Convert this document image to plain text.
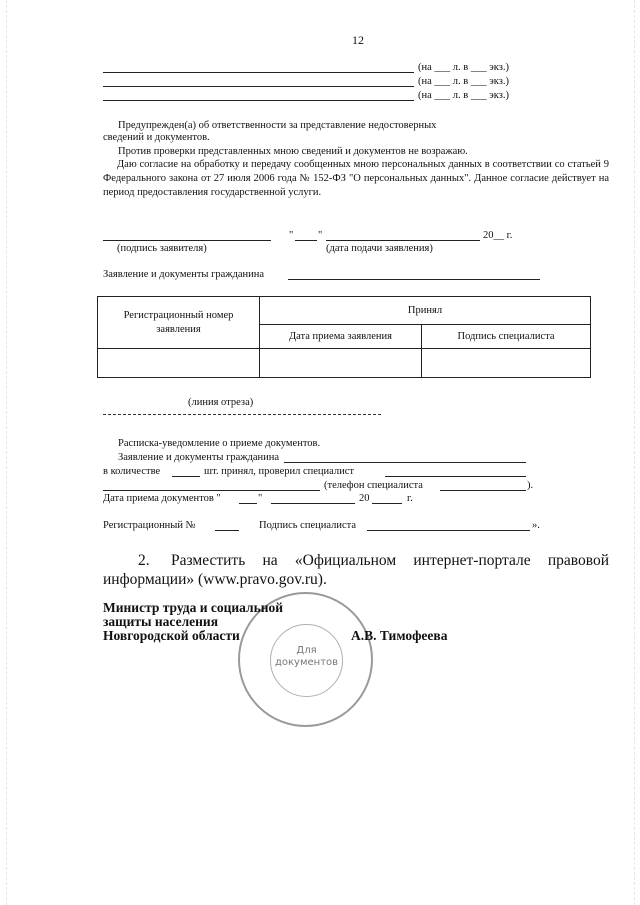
12
(на ___ л. в ___ экз.)
(на ___ л. в ___ экз.)
(на ___ л. в ___ экз.)
Предупрежден(а) об ответственности за представление недостоверных
сведений и документов.
Против проверки представленных мною сведений и документов не возражаю.
Даю согласие на обработку и передачу сообщенных мною персональных данных в соответствии со статьей 9 Федерального закона от 27 июля 2006 года № 152-ФЗ "О персональных данных". Данное согласие действует на период предоставления государственной услуги.
" "	20__ г.
(подпись заявителя)	(дата подачи заявления)
Заявление и документы гражданина
Регистрационный номер заявления	Принял	
	Дата приема заявления	Подпись специалиста

(линия отреза)
Расписка-уведомление о приеме документов.
Заявление и документы гражданина
в количестве	шт. принял, проверил специалист
(телефон специалиста	).
Дата приема документов "	"	20	г.
Регистрационный №	Подпись специалиста	».
2. Разместить на «Официальном интернет-портале правовой
информации» (www.pravo.gov.ru).
Для документов
Министр труда и социальной
защиты населения
Новгородской области	А.В. Тимофеева
